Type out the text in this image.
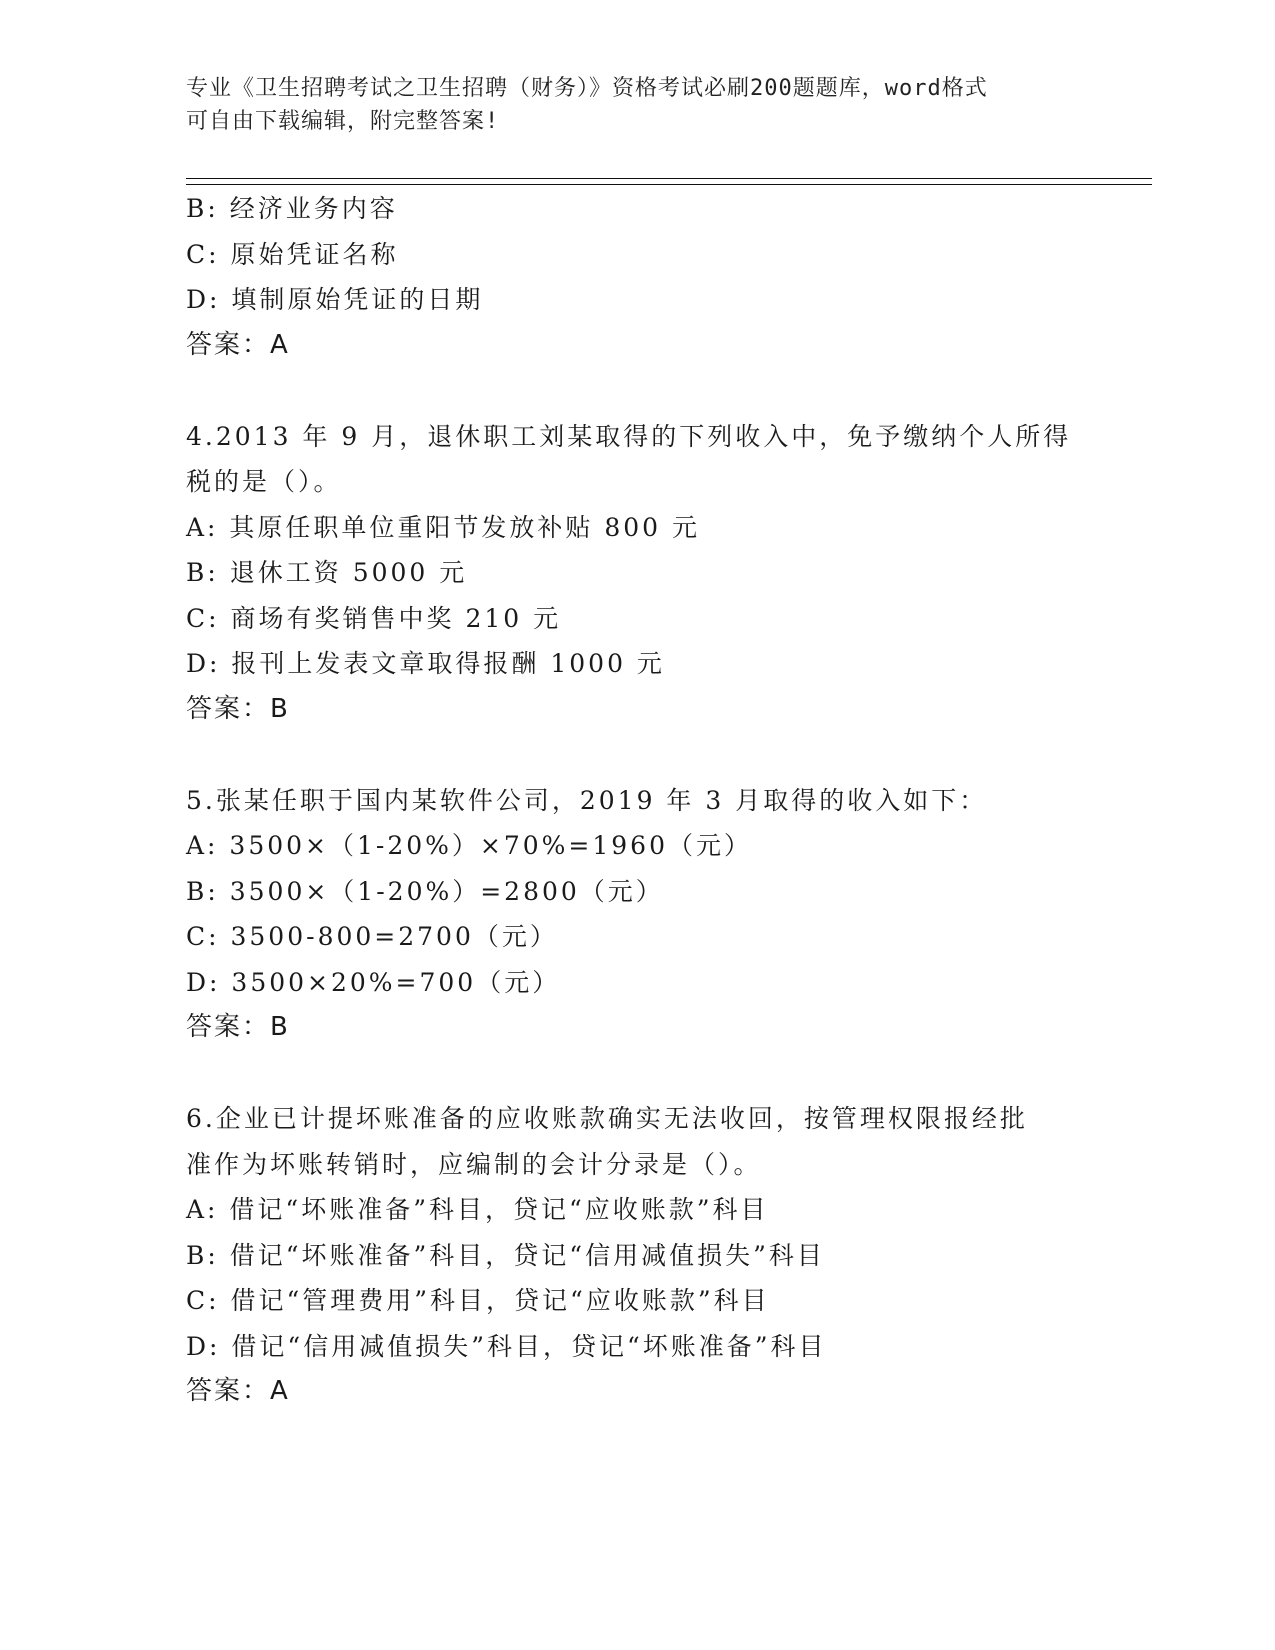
专业《卫生招聘考试之卫生招聘（财务）》资格考试必刷200题题库，word格式
可自由下载编辑，附完整答案!
B: 经济业务内容
C: 原始凭证名称
D: 填制原始凭证的日期
答案：A
4.2013 年 9 月，退休职工刘某取得的下列收入中，免予缴纳个人所得
税的是（）。
A: 其原任职单位重阳节发放补贴 800 元
B: 退休工资 5000 元
C: 商场有奖销售中奖 210 元
D: 报刊上发表文章取得报酬 1000 元
答案：B
5.张某任职于国内某软件公司，2019 年 3 月取得的收入如下：
A: 3500×（1-20%）×70%=1960（元）
B: 3500×（1-20%）=2800（元）
C: 3500-800=2700（元）
D: 3500×20%=700（元）
答案：B
6.企业已计提坏账准备的应收账款确实无法收回，按管理权限报经批
准作为坏账转销时，应编制的会计分录是（）。
A: 借记“坏账准备”科目，贷记“应收账款”科目
B: 借记“坏账准备”科目，贷记“信用减值损失”科目
C: 借记“管理费用”科目，贷记“应收账款”科目
D: 借记“信用减值损失”科目，贷记“坏账准备”科目
答案：A
